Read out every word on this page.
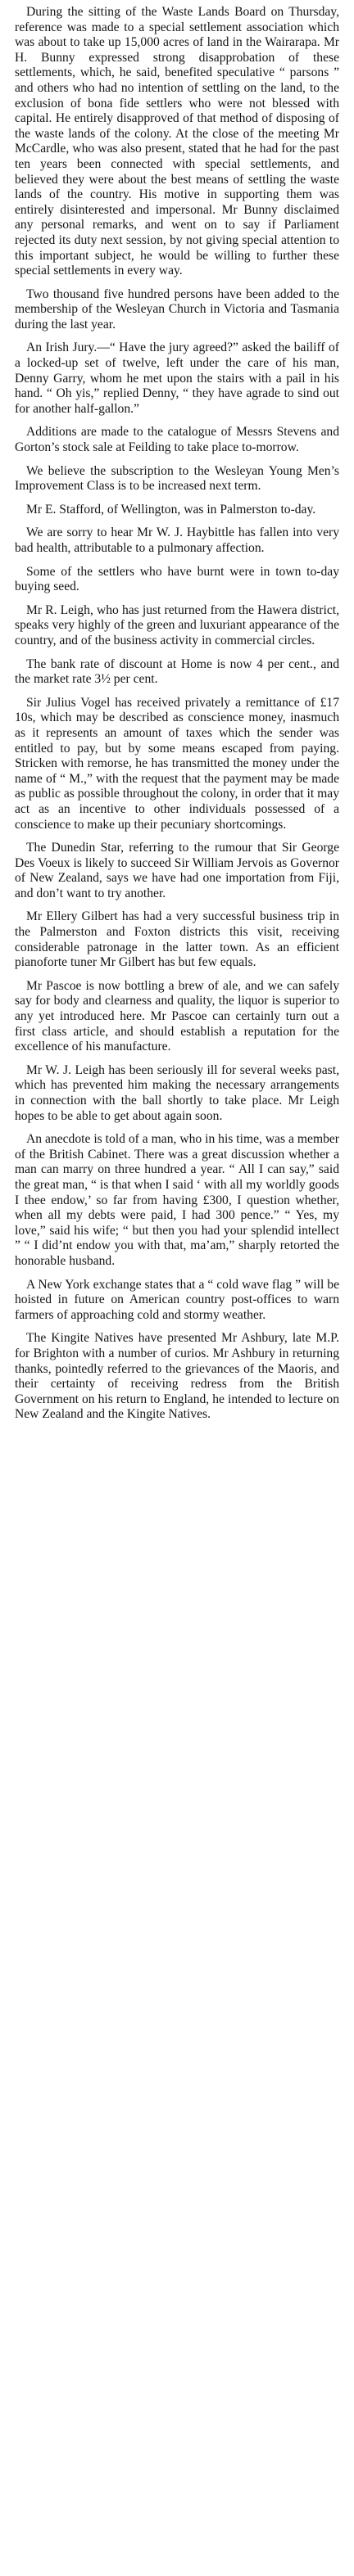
During the sitting of the Waste Lands Board on Thursday, reference was made to a special settlement association which was about to take up 15,000 acres of land in the Wairarapa. Mr H. Bunny expressed strong disapprobation of these settlements, which, he said, benefited speculative “ parsons ” and others who had no intention of settling on the land, to the exclusion of bona fide settlers who were not blessed with capital. He entirely disapproved of that method of disposing of the waste lands of the colony. At the close of the meeting Mr McCardle, who was also present, stated that he had for the past ten years been connected with special settlements, and believed they were about the best means of settling the waste lands of the country. His motive in supporting them was entirely disinterested and impersonal. Mr Bunny disclaimed any personal remarks, and went on to say if Parliament rejected its duty next session, by not giving special attention to this important subject, he would be willing to further these special settlements in every way.

Two thousand five hundred persons have been added to the membership of the Wesleyan Church in Victoria and Tasmania during the last year.

An Irish Jury.—“ Have the jury agreed?” asked the bailiff of a locked-up set of twelve, left under the care of his man, Denny Garry, whom he met upon the stairs with a pail in his hand. “ Oh yis,” replied Denny, “ they have agrade to sind out for another half-gallon.”

Additions are made to the catalogue of Messrs Stevens and Gorton’s stock sale at Feilding to take place to-morrow.

We believe the subscription to the Wesleyan Young Men’s Improvement Class is to be increased next term.

Mr E. Stafford, of Wellington, was in Palmerston to-day.

We are sorry to hear Mr W. J. Haybittle has fallen into very bad health, attributable to a pulmonary affection.

Some of the settlers who have burnt were in town to-day buying seed.

Mr R. Leigh, who has just returned from the Hawera district, speaks very highly of the green and luxuriant appearance of the country, and of the business activity in commercial circles.

The bank rate of discount at Home is now 4 per cent., and the market rate 3½ per cent.

Sir Julius Vogel has received privately a remittance of £17 10s, which may be described as conscience money, inasmuch as it represents an amount of taxes which the sender was entitled to pay, but by some means escaped from paying. Stricken with remorse, he has transmitted the money under the name of “ M.,” with the request that the payment may be made as public as possible throughout the colony, in order that it may act as an incentive to other individuals possessed of a conscience to make up their pecuniary shortcomings.

The Dunedin Star, referring to the rumour that Sir George Des Voeux is likely to succeed Sir William Jervois as Governor of New Zealand, says we have had one importation from Fiji, and don’t want to try another.

Mr Ellery Gilbert has had a very successful business trip in the Palmerston and Foxton districts this visit, receiving considerable patronage in the latter town. As an efficient pianoforte tuner Mr Gilbert has but few equals.

Mr Pascoe is now bottling a brew of ale, and we can safely say for body and clearness and quality, the liquor is superior to any yet introduced here. Mr Pascoe can certainly turn out a first class article, and should establish a reputation for the excellence of his manufacture.

Mr W. J. Leigh has been seriously ill for several weeks past, which has prevented him making the necessary arrangements in connection with the ball shortly to take place. Mr Leigh hopes to be able to get about again soon.

An anecdote is told of a man, who in his time, was a member of the British Cabinet. There was a great discussion whether a man can marry on three hundred a year. “ All I can say,” said the great man, “ is that when I said ‘ with all my worldly goods I thee endow,’ so far from having £300, I question whether, when all my debts were paid, I had 300 pence.” “ Yes, my love,” said his wife; “ but then you had your splendid intellect ” “ I did’nt endow you with that, ma’am,” sharply retorted the honorable husband.

A New York exchange states that a “ cold wave flag ” will be hoisted in future on American country post-offices to warn farmers of approaching cold and stormy weather.

The Kingite Natives have presented Mr Ashbury, late M.P. for Brighton with a number of curios. Mr Ashbury in returning thanks, pointedly referred to the grievances of the Maoris, and their certainty of receiving redress from the British Government on his return to England, he intended to lecture on New Zealand and the Kingite Natives.
